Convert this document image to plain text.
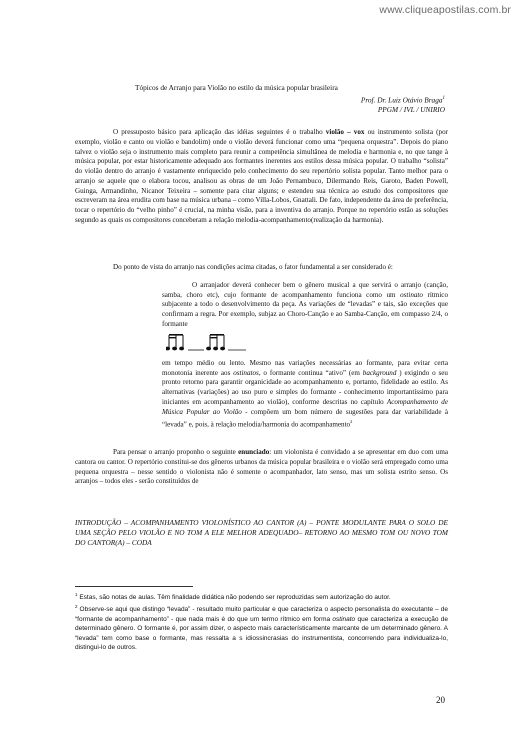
www.cliqueapostilas.com.br
Tópicos de Arranjo para Violão no estilo da música popular brasileira
Prof. Dr. Luiz Otávio Braga$^1$
PPGM / IVL / UNIRIO
O pressuposto básico para aplicação das idéias seguintes é o trabalho violão – vox ou instrumento solista (por exemplo, violão e canto ou violão e bandolim) onde o violão deverá funcionar como uma “pequena orquestra”. Depois do piano talvez o violão seja o instrumento mais completo para reunir a competência simultânea de melodia e harmonia e, no que tange à música popular, por estar historicamente adequado aos formantes inerentes aos estilos dessa música popular. O trabalho “solista” do violão dentro do arranjo é vastamente enriquecido pelo conhecimento do seu repertório solista popular. Tanto melhor para o arranjo se aquele que o elabora tocou, analisou as obras de um João Pernambuco, Dilermando Reis, Garoto, Baden Powell, Guinga, Armandinho, Nicanor Teixeira – somente para citar alguns; e estendeu sua técnica ao estudo dos compositores que escreveram na área erudita com base na música urbana – como Villa-Lobos, Gnattali. De fato, independente da área de preferência, tocar o repertório do “velho pinho” é crucial, na minha visão, para a inventiva do arranjo. Porque no repertório estão as soluções segundo as quais os compositores conceberam a relação melodia-acompanhamento(realização da harmonia).
Do ponto de vista do arranjo nas condições acima citadas, o fator fundamental a ser considerado é:
O arranjador deverá conhecer bem o gênero musical a que servirá o arranjo (canção, samba, choro etc), cujo formante de acompanhamento funciona como um ostinato rítmico subjacente a todo o desenvolvimento da peça. As variações de “levadas” e tais, são exceções que confirmam a regra. Por exemplo, subjaz ao Choro-Canção e ao Samba-Canção, em compasso 2/4, o formante
em tempo médio ou lento. Mesmo nas variações necessárias ao formante, para evitar certa monotonia inerente aos ostinatos, o formante continua “ativo” (em background ) exigindo o seu pronto retorno para garantir organicidade ao acompanhamento e, portanto, fidelidade ao estilo. As alternativas (variações) ao uso puro e simples do formante - conhecimento importantíssimo para iniciantes em acompanhamento ao violão), conforme descritas no capítulo Acompanhamento de Música Popular ao Violão - compõem um bom número de sugestões para dar variabilidade à “levada” e, pois, à relação melodia/harmonia do acompanhamento$^2$
Para pensar o arranjo proponho o seguinte enunciado: um violonista é convidado a se apresentar em duo com uma cantora ou cantor. O repertório constitui-se dos gêneros urbanos da música popular brasileira e o violão será empregado como uma pequena orquestra – nesse sentido o violonista não é somente o acompanhador, lato senso, mas um solista estrito senso. Os arranjos – todos eles - serão constituídos de
INTRODUÇÃO – ACOMPANHAMENTO VIOLONÍSTICO AO CANTOR (A) – PONTE MODULANTE PARA O SOLO DE UMA SEÇÃO PELO VIOLÃO E NO TOM A ELE MELHOR ADEQUADO– RETORNO AO MESMO TOM OU NOVO TOM DO CANTOR(A) – CODA
$^1$ Estas, são notas de aulas. Têm finalidade didática não podendo ser reproduzidas sem autorização do autor.
$^2$ Observe-se aqui que distingo “levada” - resultado muito particular e que caracteriza o aspecto personalista do executante – de “formante de acompanhamento” - que nada mais é do que um termo rítmico em forma ostinato que caracteriza a execução de determinado gênero. O formante é, por assim dizer, o aspecto mais característicamente marcante de um determinado gênero. A “levada” tem como base o formante, mas ressalta a s idiossincrasias do instrumentista, concorrendo para individualiza-lo, distingui-lo de outros.
20
